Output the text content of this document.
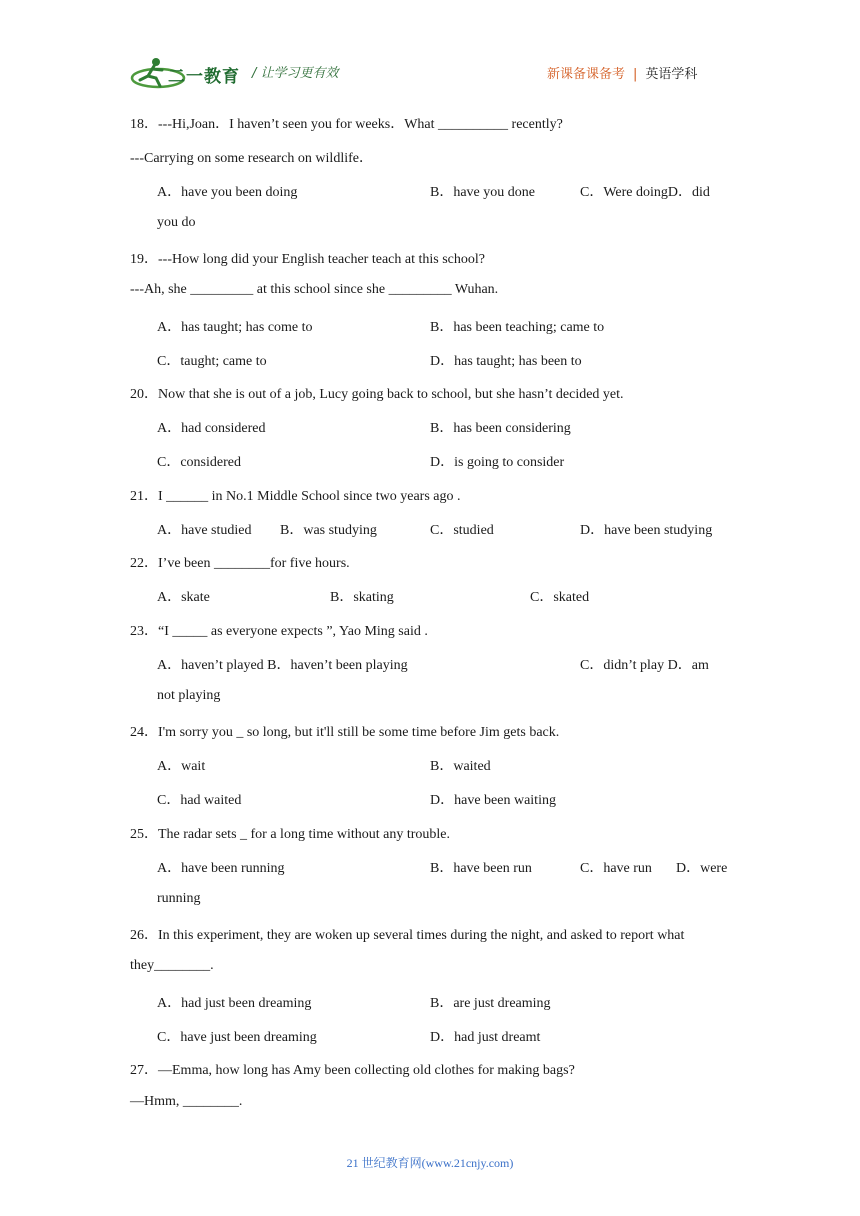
二一教育 / 让学习更有效	新课备课备考 | 英语学科
18．---Hi,Joan．I haven’t seen you for weeks．What __________ recently?
---Carrying on some research on wildlife．
A．have you been doing	B．have you done	C．Were doingD．did
you do
19．---How long did your English teacher teach at this school?
---Ah, she _________ at this school since she _________ Wuhan.
A．has taught; has come to	B．has been teaching; came to
C．taught; came to	D．has taught; has been to
20．Now that she is out of a job, Lucy going back to school, but she hasn’t decided yet.
A．had considered	B．has been considering
C．considered	D．is going to consider
21．I ______ in No.1 Middle School since two years ago .
A．have studied B．was studying	C．studied	D．have been studying
22．I’ve been ________for five hours.
A．skate	B．skating	C．skated
23．“I _____ as everyone expects ”, Yao Ming said .
A．haven’t played B．haven’t been playing	C．didn’t play D．am
not playing
24．I'm sorry you _ so long, but it'll still be some time before Jim gets back.
A．wait	B．waited
C．had waited	D．have been waiting
25．The radar sets _ for a long time without any trouble.
A．have been running	B．have been run	C．have run D．were
running
26．In this experiment, they are woken up several times during the night, and asked to report what
they________.
A．had just been dreaming	B．are just dreaming
C．have just been dreaming	D．had just dreamt
27．—Emma, how long has Amy been collecting old clothes for making bags?
—Hmm, ________.
21 世纪教育网(www.21cnjy.com)
